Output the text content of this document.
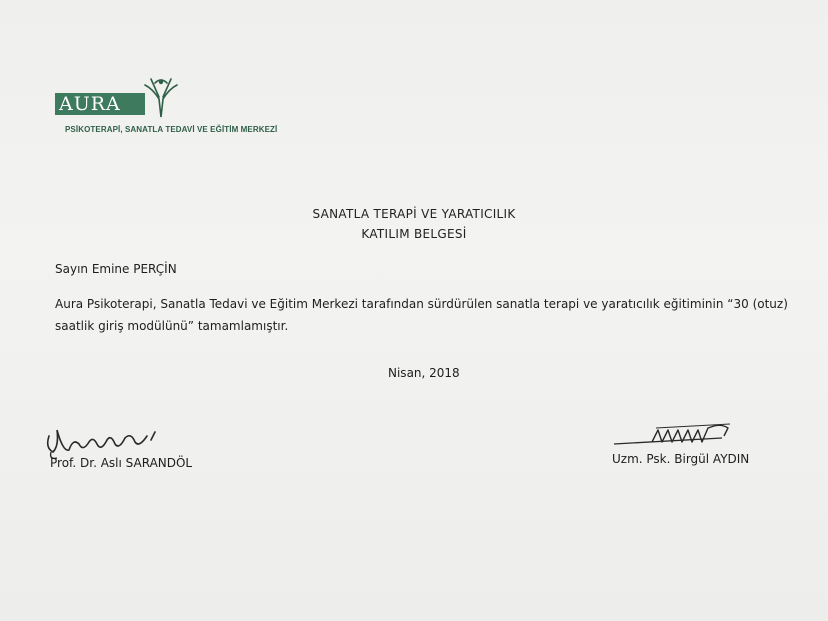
AURA
PSİKOTERAPİ, SANATLA TEDAVİ VE EĞİTİM MERKEZİ
SANATLA TERAPİ VE YARATICILIK
KATILIM BELGESİ
Sayın Emine PERÇİN
Aura Psikoterapi, Sanatla Tedavi ve Eğitim Merkezi tarafından sürdürülen sanatla terapi ve yaratıcılık eğitiminin “30 (otuz) saatlik giriş modülünü” tamamlamıştır.
Nisan, 2018
Prof. Dr. Aslı SARANDÖL	Uzm. Psk. Birgül AYDIN
